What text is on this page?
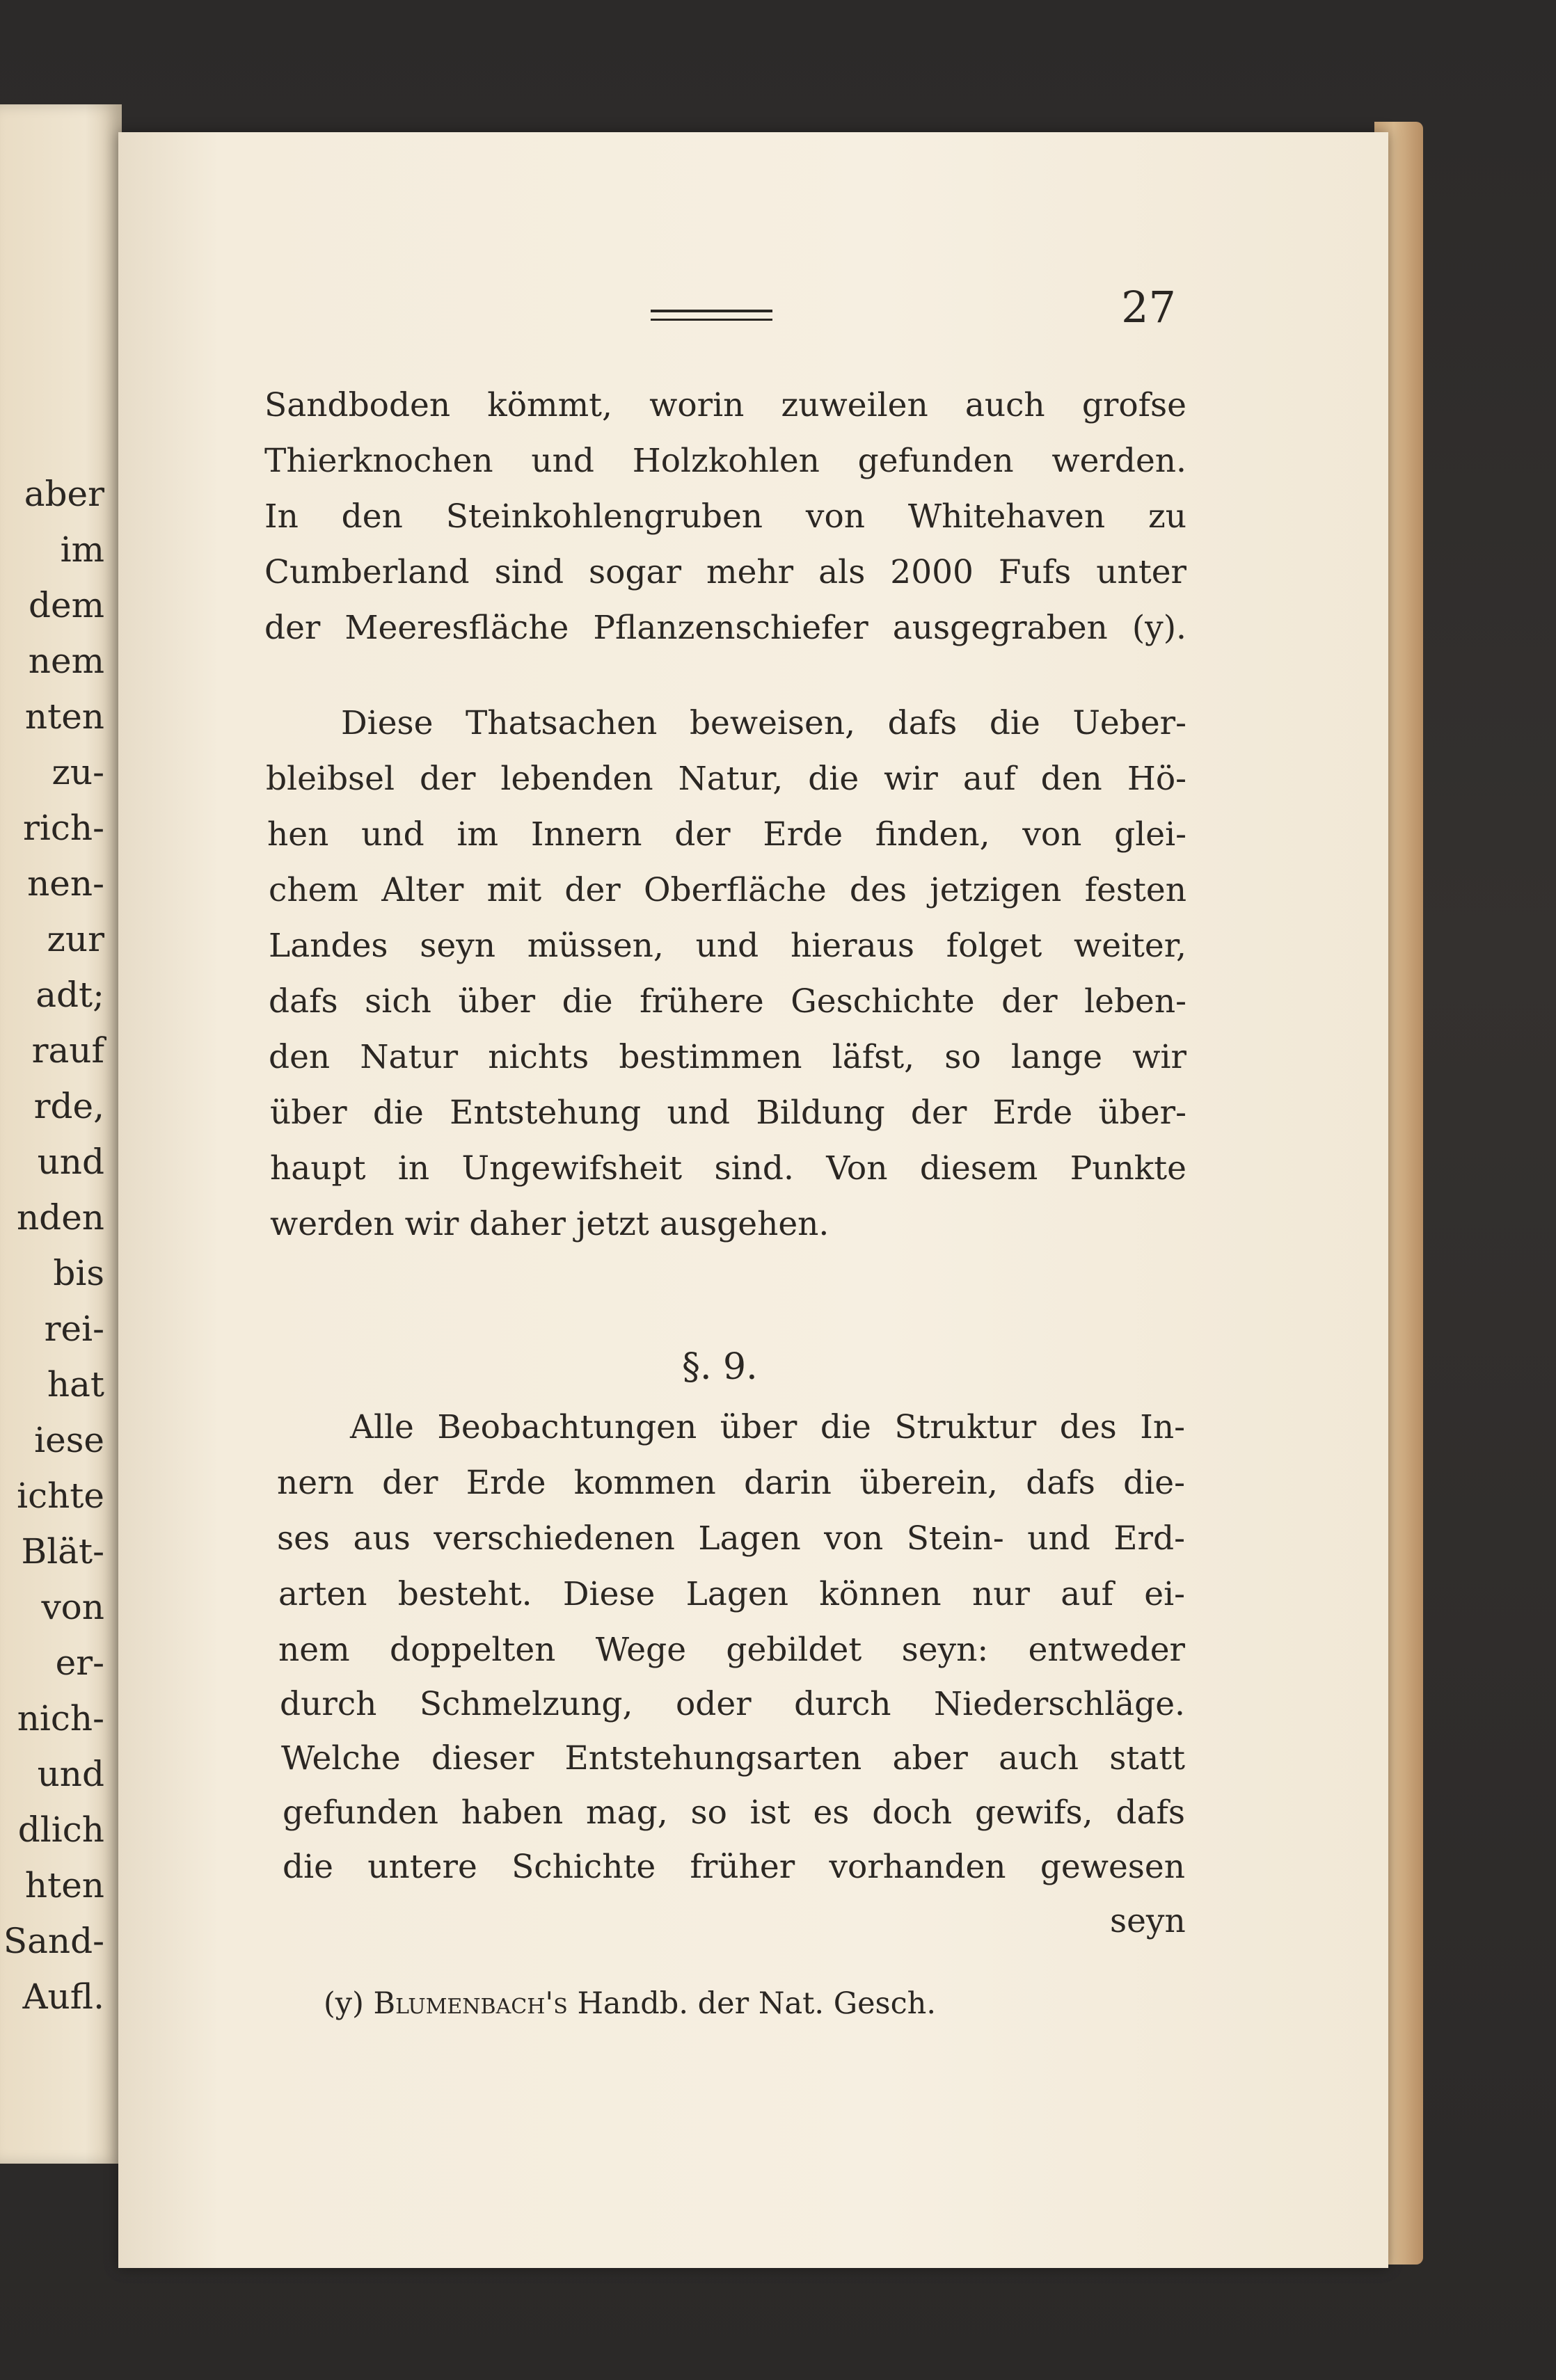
aber
im
dem
nem
nten
zu-
rich-
nen-
zur
adt;
rauf
rde,
und
nden
bis
rei-
hat
iese
ichte
Blät-
von
er-
nich-
und
dlich
hten
Sand-
Aufl.
27
Sandboden kömmt, worin zuweilen auch grofse
Thierknochen und Holzkohlen gefunden werden.
In den Steinkohlengruben von Whitehaven zu
Cumberland sind sogar mehr als 2000 Fufs unter
der Meeresfläche Pflanzenschiefer ausgegraben (y).
Diese Thatsachen beweisen, dafs die Ueber-
bleibsel der lebenden Natur, die wir auf den Hö-
hen und im Innern der Erde finden, von glei-
chem Alter mit der Oberfläche des jetzigen festen
Landes seyn müssen, und hieraus folget weiter,
dafs sich über die frühere Geschichte der leben-
den Natur nichts bestimmen läfst, so lange wir
über die Entstehung und Bildung der Erde über-
haupt in Ungewifsheit sind. Von diesem Punkte
werden wir daher jetzt ausgehen.
§. 9.
Alle Beobachtungen über die Struktur des In-
nern der Erde kommen darin überein, dafs die-
ses aus verschiedenen Lagen von Stein- und Erd-
arten besteht. Diese Lagen können nur auf ei-
nem doppelten Wege gebildet seyn: entweder
durch Schmelzung, oder durch Niederschläge.
Welche dieser Entstehungsarten aber auch statt
gefunden haben mag, so ist es doch gewifs, dafs
die untere Schichte früher vorhanden gewesen
seyn
(y) Blumenbach's Handb. der Nat. Gesch.
